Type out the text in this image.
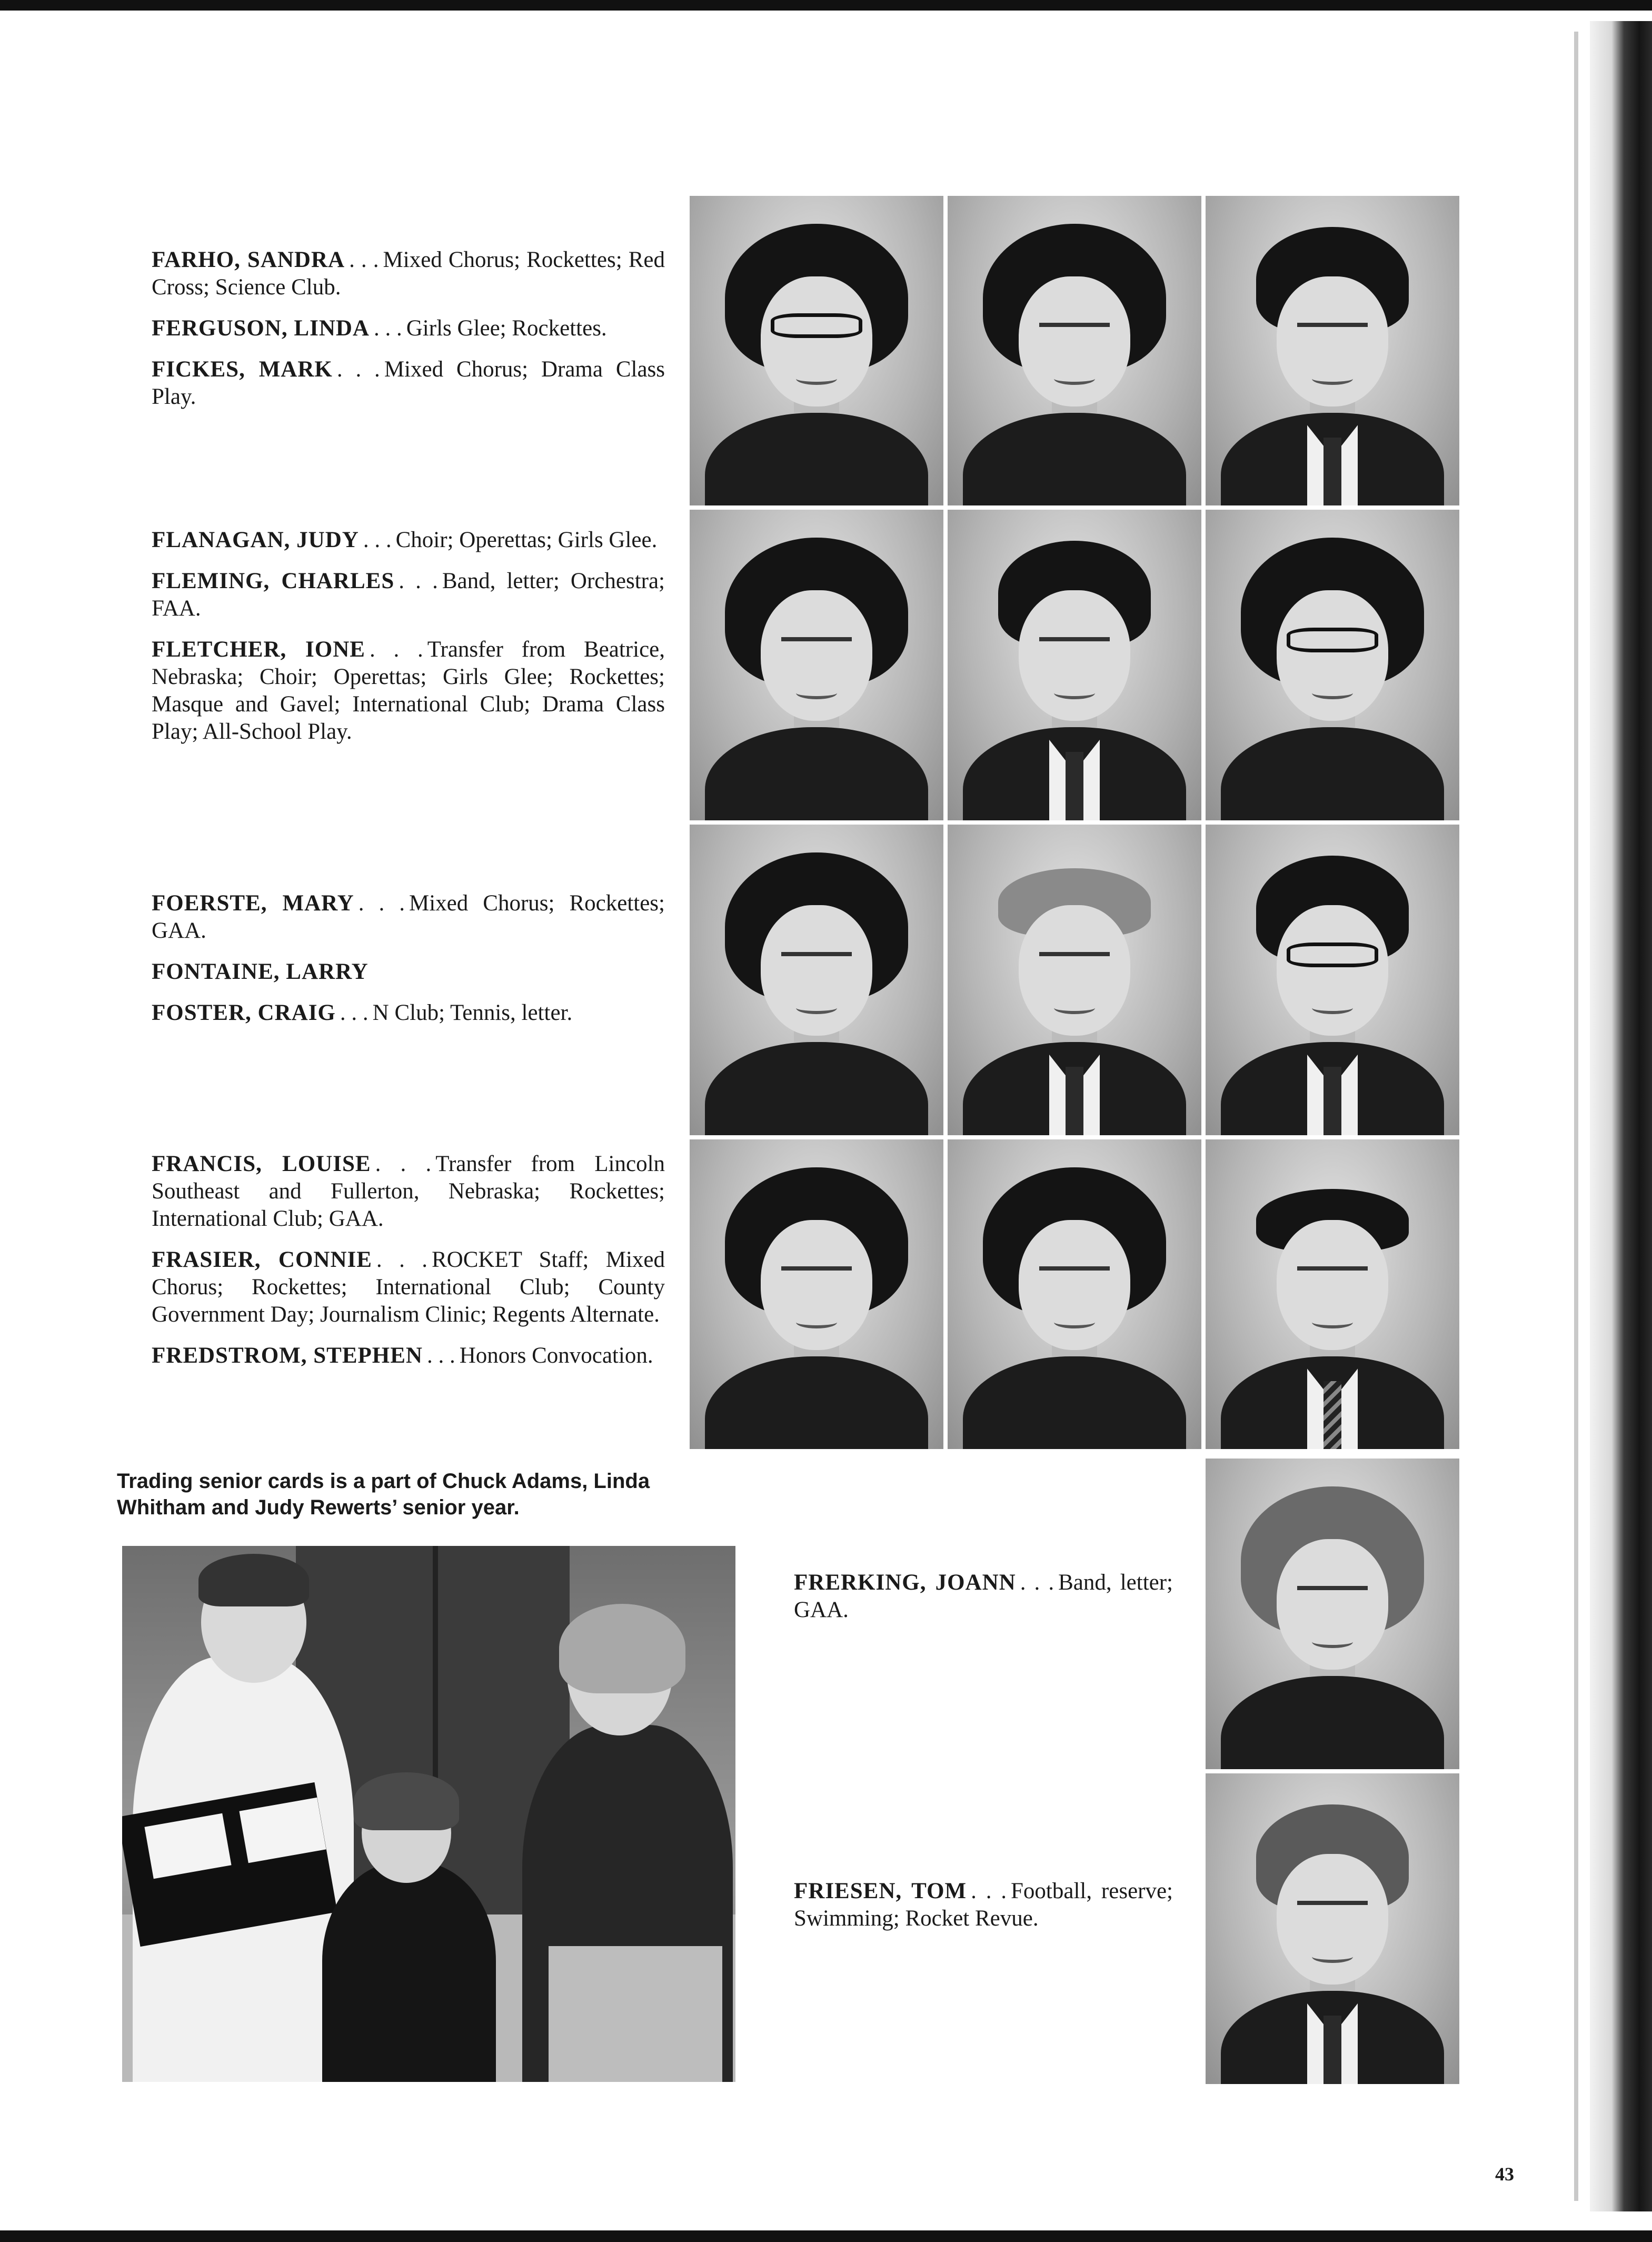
FARHO, SANDRA . . . Mixed Chorus; Rockettes; Red Cross; Science Club.

FERGUSON, LINDA . . . Girls Glee; Rockettes.

FICKES, MARK . . . Mixed Chorus; Drama Class Play.

FLANAGAN, JUDY . . . Choir; Operettas; Girls Glee.

FLEMING, CHARLES . . . Band, letter; Orchestra; FAA.

FLETCHER, IONE . . . Transfer from Beatrice, Nebraska; Choir; Operettas; Girls Glee; Rockettes; Masque and Gavel; International Club; Drama Class Play; All-School Play.

FOERSTE, MARY . . . Mixed Chorus; Rockettes; GAA.

FONTAINE, LARRY

FOSTER, CRAIG . . . N Club; Tennis, letter.

FRANCIS, LOUISE . . . Transfer from Lincoln Southeast and Fullerton, Nebraska; Rockettes; International Club; GAA.

FRASIER, CONNIE . . . ROCKET Staff; Mixed Chorus; Rockettes; International Club; County Government Day; Journalism Clinic; Regents Alternate.

FREDSTROM, STEPHEN . . . Honors Convocation.

Trading senior cards is a part of Chuck Adams, Linda Whitham and Judy Rewerts’ senior year.

FRERKING, JOANN . . . Band, letter; GAA.

FRIESEN, TOM . . . Football, reserve; Swimming; Rocket Revue.

43
